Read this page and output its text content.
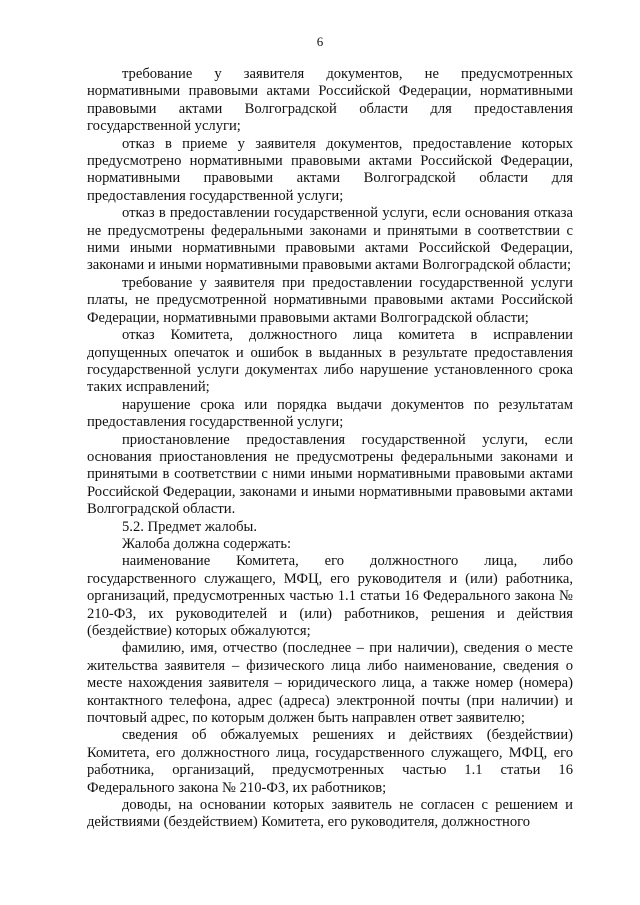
6

требование у заявителя документов, не предусмотренных нормативными правовыми актами Российской Федерации, нормативными правовыми актами Волгоградской области для предоставления государственной услуги;

отказ в приеме у заявителя документов, предоставление которых предусмотрено нормативными правовыми актами Российской Федерации, нормативными правовыми актами Волгоградской области для предоставления государственной услуги;

отказ в предоставлении государственной услуги, если основания отказа не предусмотрены федеральными законами и принятыми в соответствии с ними иными нормативными правовыми актами Российской Федерации, законами и иными нормативными правовыми актами Волгоградской области;

требование у заявителя при предоставлении государственной услуги платы, не предусмотренной нормативными правовыми актами Российской Федерации, нормативными правовыми актами Волгоградской области;

отказ Комитета, должностного лица комитета в исправлении допущенных опечаток и ошибок в выданных в результате предоставления государственной услуги документах либо нарушение установленного срока таких исправлений;

нарушение срока или порядка выдачи документов по результатам предоставления государственной услуги;

приостановление предоставления государственной услуги, если основания приостановления не предусмотрены федеральными законами и принятыми в соответствии с ними иными нормативными правовыми актами Российской Федерации, законами и иными нормативными правовыми актами Волгоградской области.

5.2. Предмет жалобы.

Жалоба должна содержать:

наименование Комитета, его должностного лица, либо государственного служащего, МФЦ, его руководителя и (или) работника, организаций, предусмотренных частью 1.1 статьи 16 Федерального закона № 210-ФЗ, их руководителей и (или) работников, решения и действия (бездействие) которых обжалуются;

фамилию, имя, отчество (последнее – при наличии), сведения о месте жительства заявителя – физического лица либо наименование, сведения о месте нахождения заявителя – юридического лица, а также номер (номера) контактного телефона, адрес (адреса) электронной почты (при наличии) и почтовый адрес, по которым должен быть направлен ответ заявителю;

сведения об обжалуемых решениях и действиях (бездействии) Комитета, его должностного лица, государственного служащего, МФЦ, его работника, организаций, предусмотренных частью 1.1 статьи 16 Федерального закона № 210-ФЗ, их работников;

доводы, на основании которых заявитель не согласен с решением и действиями (бездействием) Комитета, его руководителя, должностного
